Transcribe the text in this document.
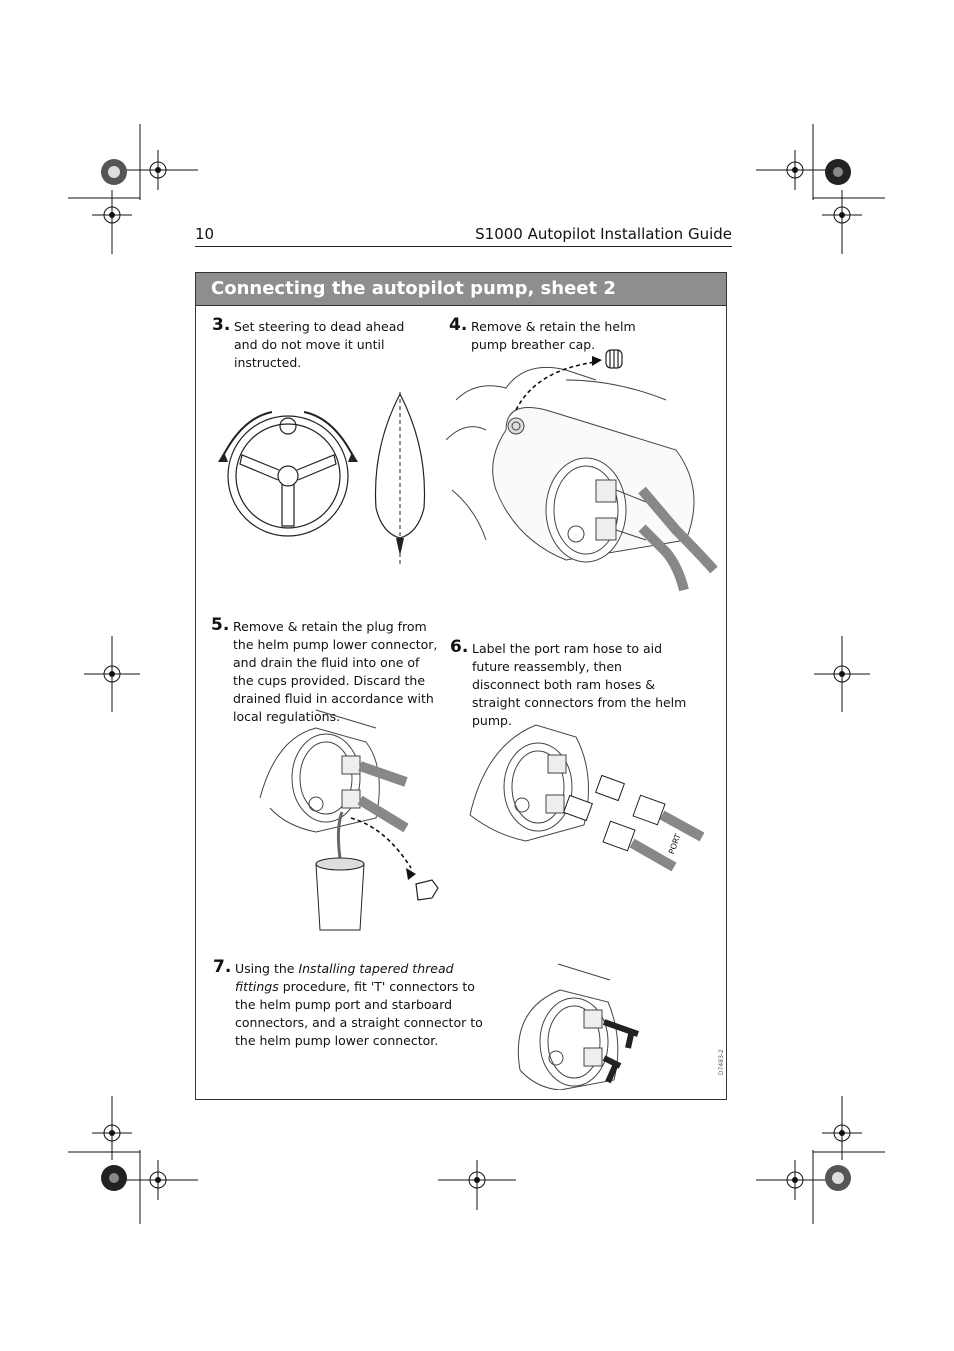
10	S1000 Autopilot Installation Guide
Connecting the autopilot pump, sheet 2
3. Set steering to dead ahead and do not move it until instructed.
4. Remove & retain the helm pump breather cap.
5. Remove & retain the plug from the helm pump lower connector, and drain the fluid into one of the cups provided. Discard the drained fluid in accordance with local regulations.
6. Label the port ram hose to aid future reassembly, then disconnect both ram hoses & straight connectors from the helm pump.
7. Using the Installing tapered thread fittings procedure, fit 'T' connectors to the helm pump port and starboard connectors, and a straight connector to the helm pump lower connector.
PORT
D7483-2
